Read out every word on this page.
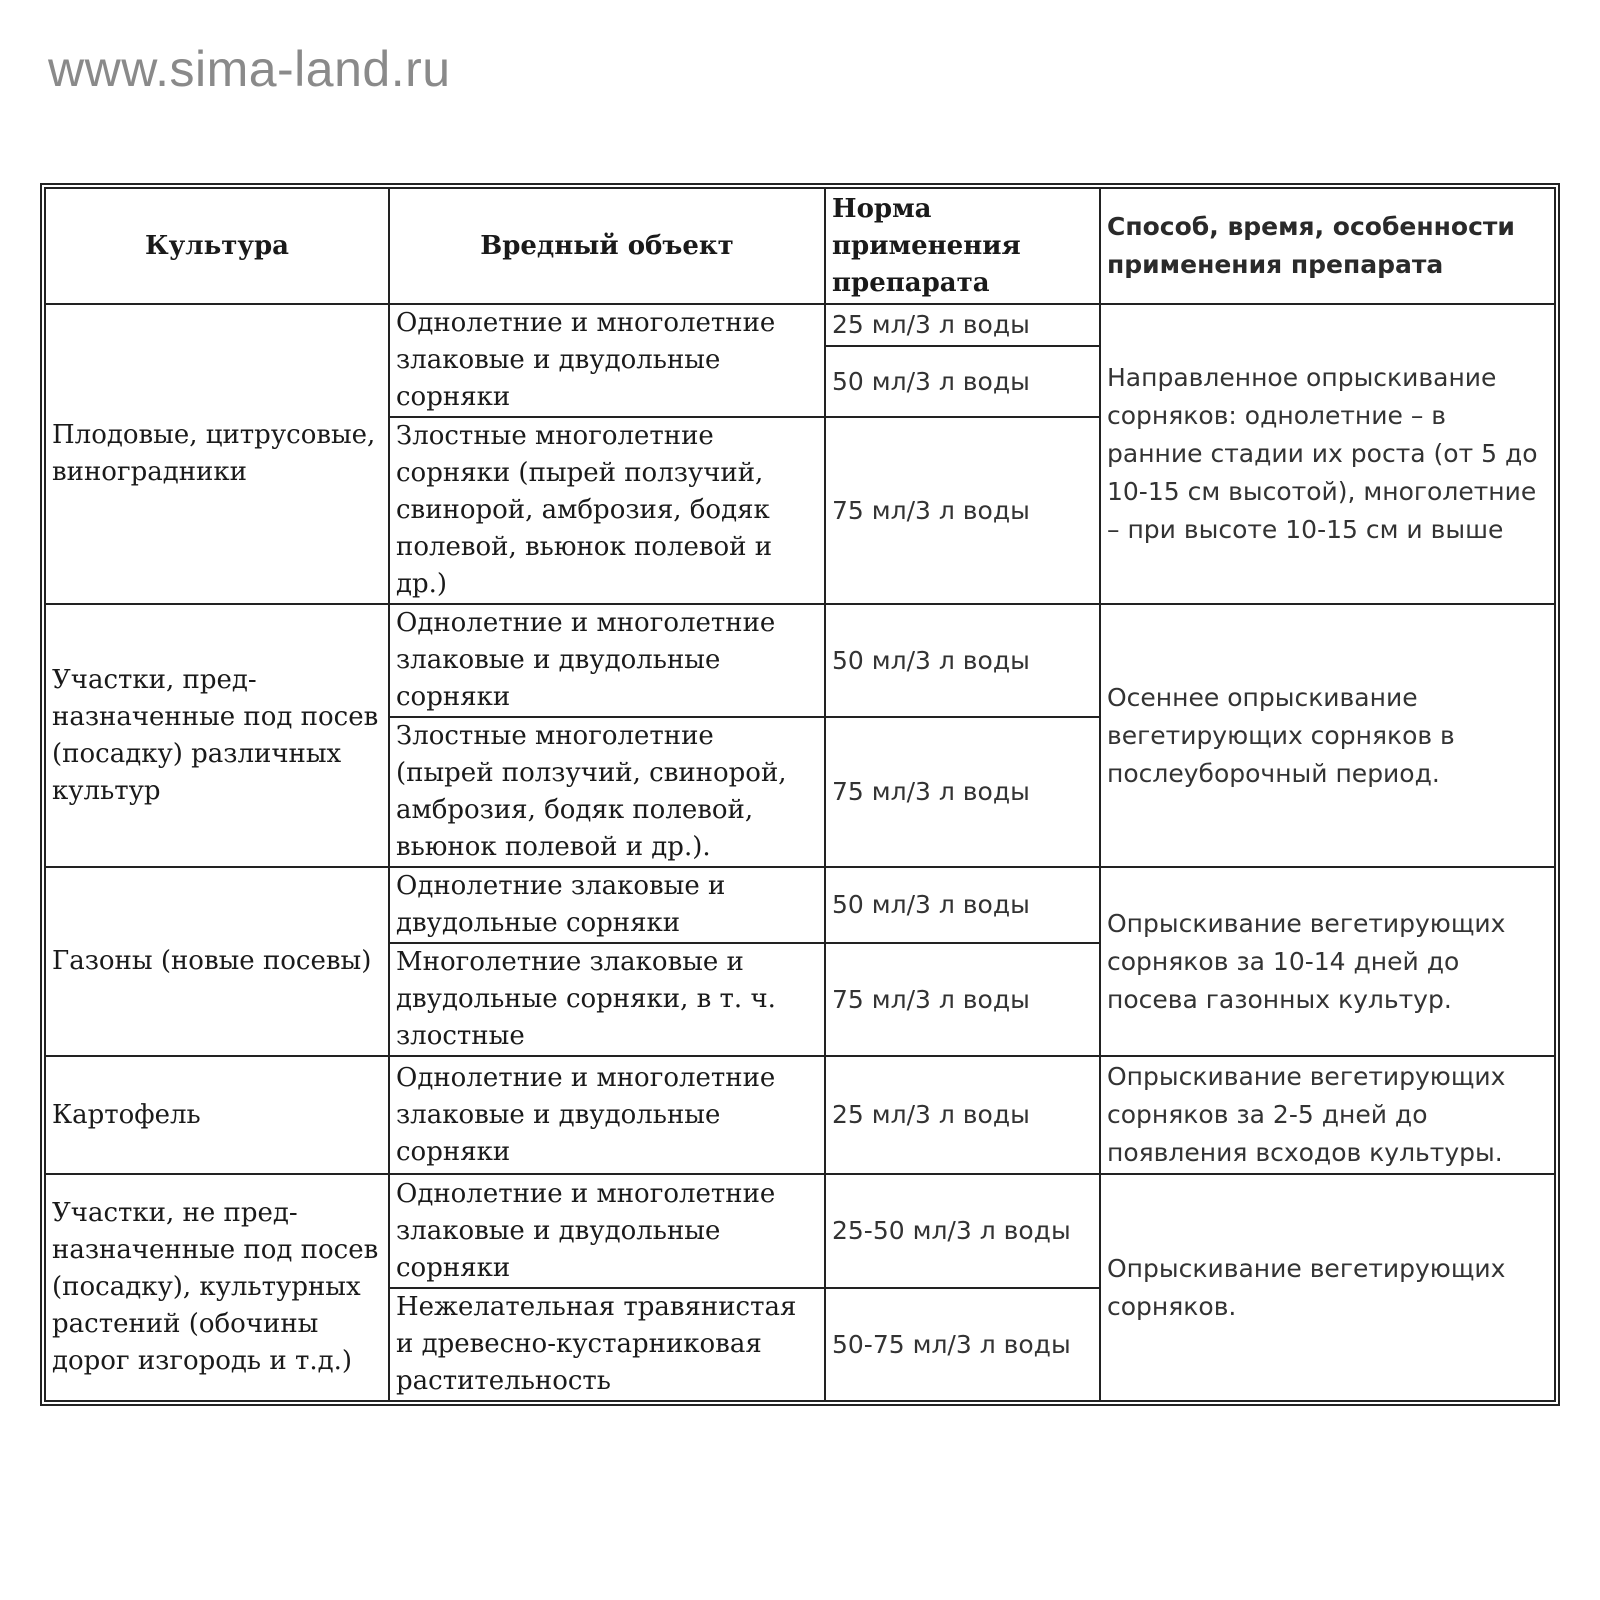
www.sima-land.ru
Культура	Вредный объект	Норма применения препарата	Способ, время, особенности применения препарата
Плодовые, цитрусовые, виноградники	Однолетние и многолетние злаковые и двудольные сорняки	25 мл/3 л воды	Направленное опрыскивание сорняков: однолетние – в ранние стадии их роста (от 5 до 10-15 см высотой), многолетние – при высоте 10-15 см и выше
		50 мл/3 л воды	
	Злостные многолетние сорняки (пырей ползучий, свинорой, амброзия, бодяк полевой, вьюнок полевой и др.)	75 мл/3 л воды	
Участки, пред-назначенные под посев (посадку) различных культур	Однолетние и многолетние злаковые и двудольные сорняки	50 мл/3 л воды	Осеннее опрыскивание вегетирующих сорняков в послеуборочный период.
	Злостные многолетние (пырей ползучий, свинорой, амброзия, бодяк полевой, вьюнок полевой и др.).	75 мл/3 л воды	
Газоны (новые посевы)	Однолетние злаковые и двудольные сорняки	50 мл/3 л воды	Опрыскивание вегетирующих сорняков за 10-14 дней до посева газонных культур.
	Многолетние злаковые и двудольные сорняки, в т. ч. злостные	75 мл/3 л воды	
Картофель	Однолетние и многолетние злаковые и двудольные сорняки	25 мл/3 л воды	Опрыскивание вегетирующих сорняков за 2-5 дней до появления всходов культуры.
Участки, не пред-назначенные под посев (посадку), культурных растений (обочины дорог изгородь и т.д.)	Однолетние и многолетние злаковые и двудольные сорняки	25-50 мл/3 л воды	Опрыскивание вегетирующих сорняков.
	Нежелательная травянистая и древесно-кустарниковая растительность	50-75 мл/3 л воды	
